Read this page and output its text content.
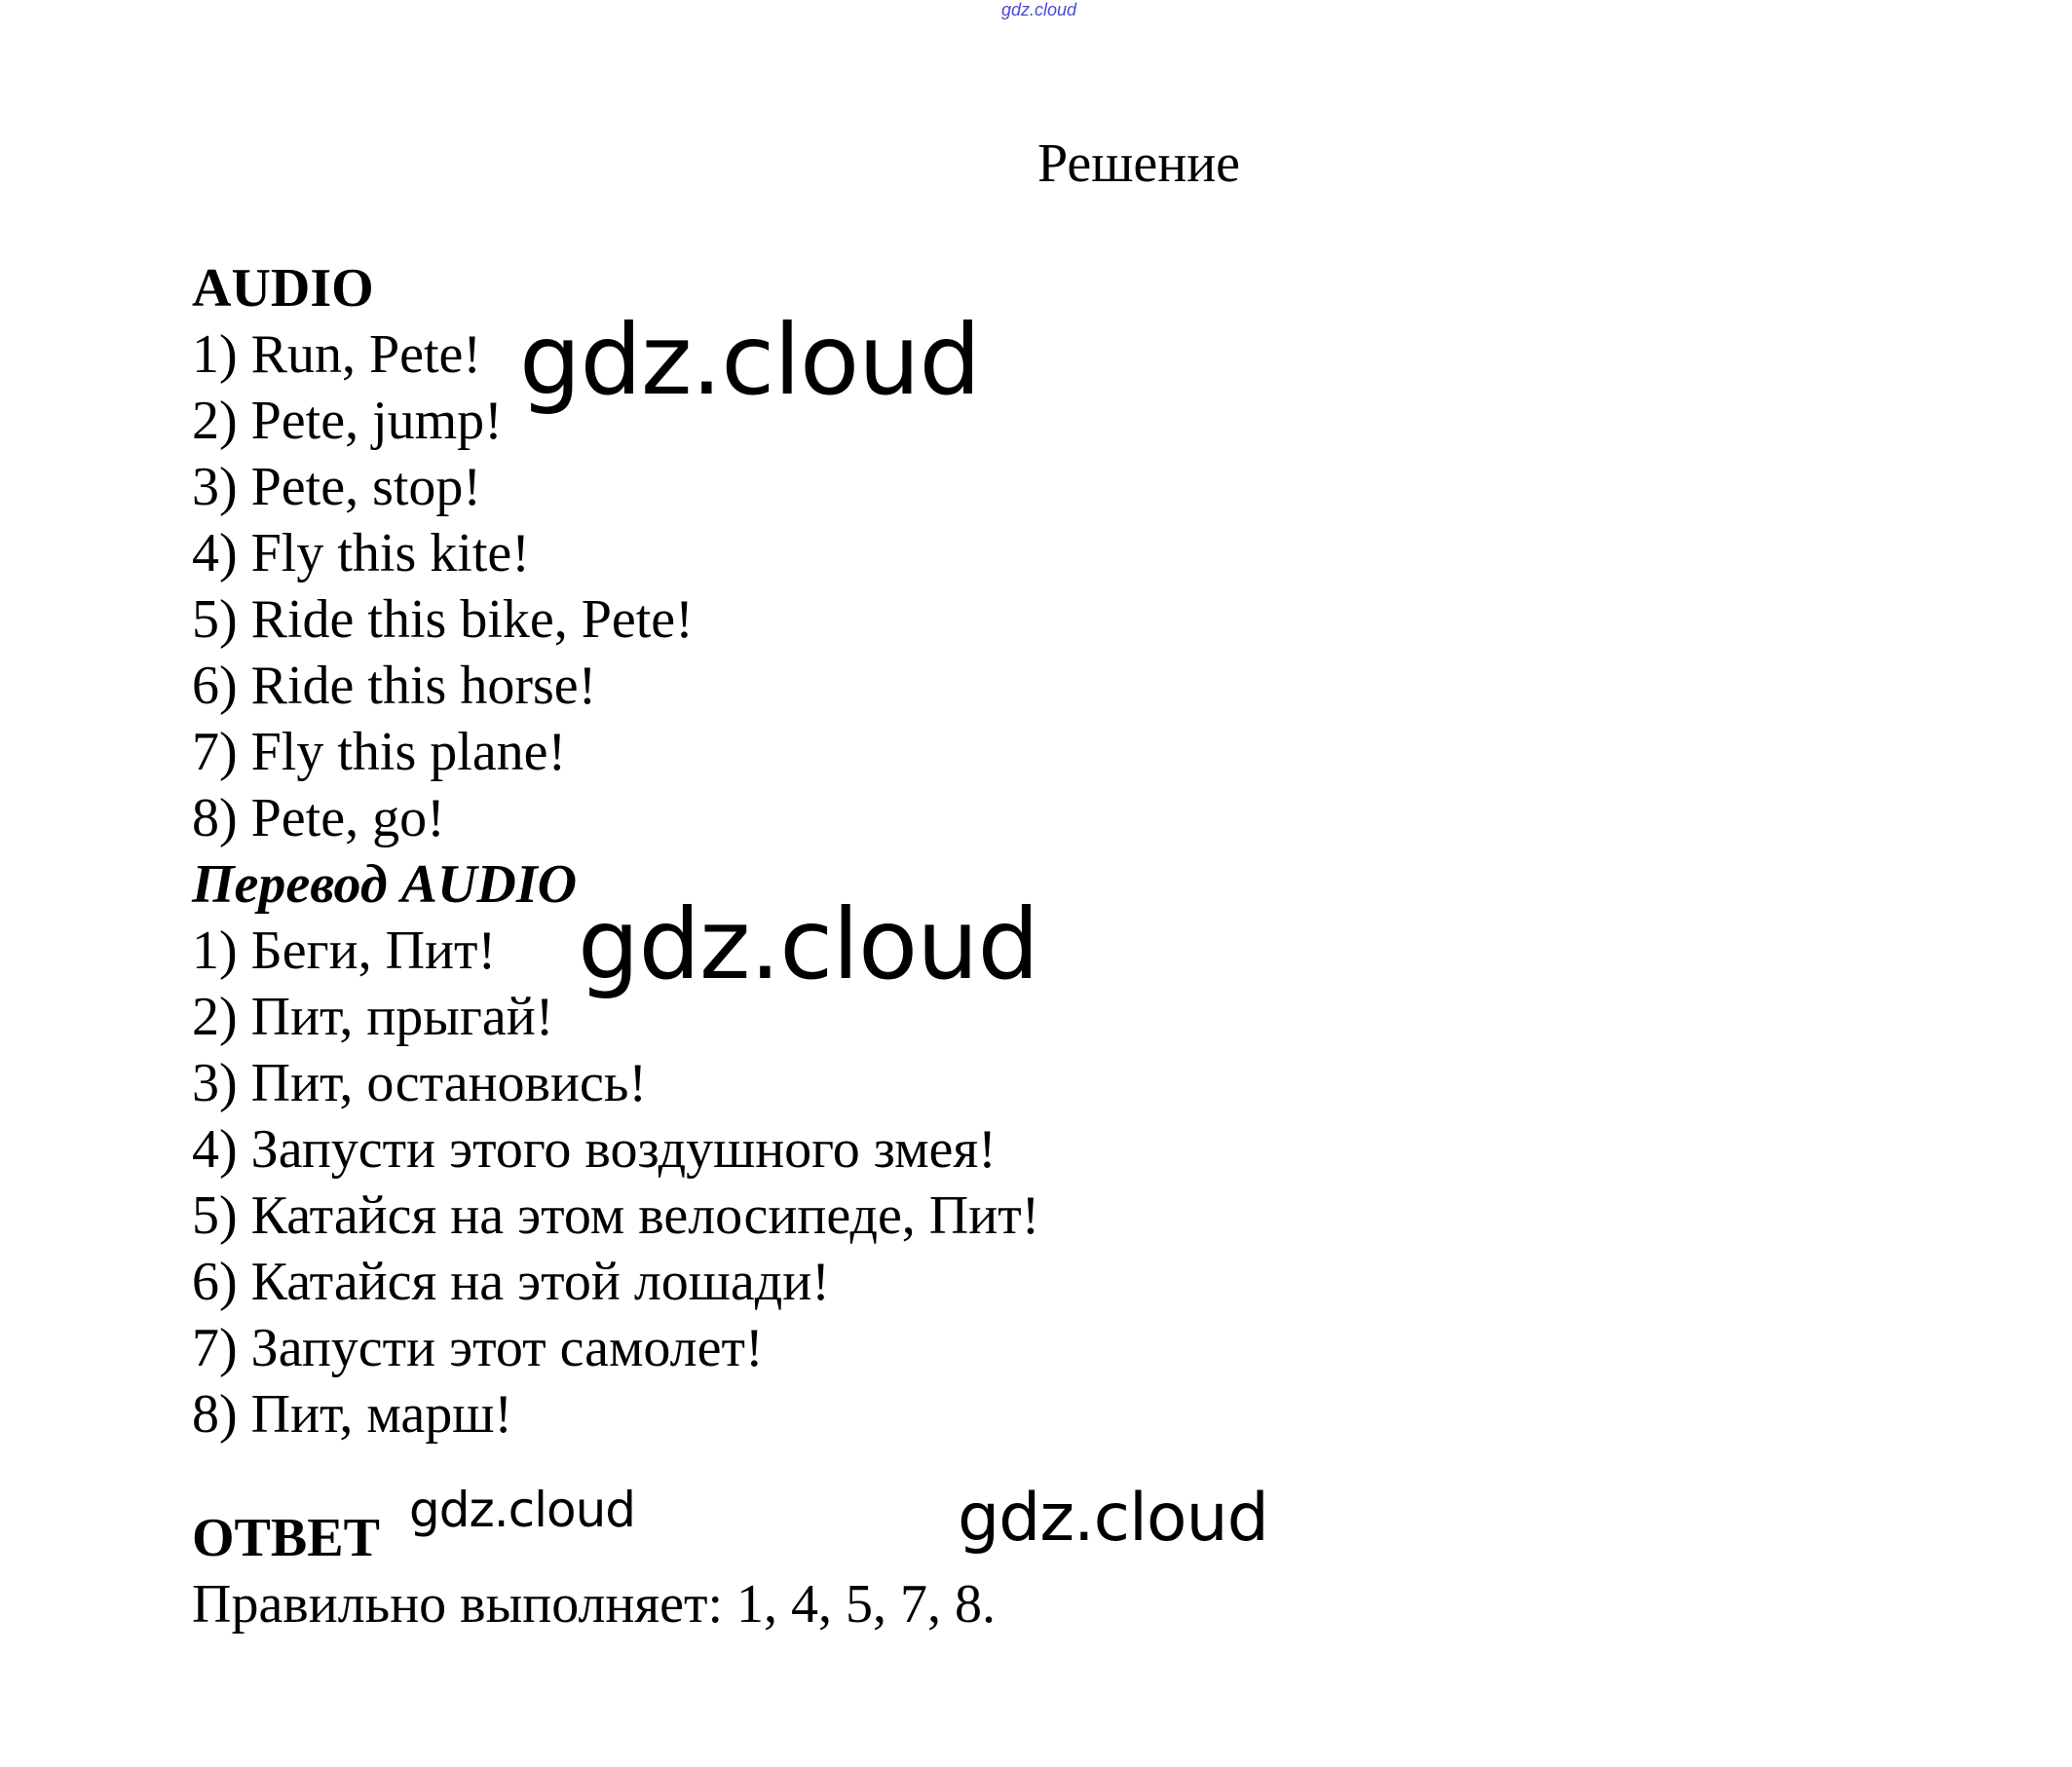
gdz.cloud
Решение
AUDIO
1) Run, Pete!
2) Pete, jump!
3) Pete, stop!
4) Fly this kite!
5) Ride this bike, Pete!
6) Ride this horse!
7) Fly this plane!
8) Pete, go!
Перевод AUDIO
1) Беги, Пит!
2) Пит, прыгай!
3) Пит, остановись!
4) Запусти этого воздушного змея!
5) Катайся на этом велосипеде, Пит!
6) Катайся на этой лошади!
7) Запусти этот самолет!
8) Пит, марш!
ОТВЕТ
Правильно выполняет: 1, 4, 5, 7, 8.
gdz.cloud
gdz.cloud
gdz.cloud	gdz.cloud
